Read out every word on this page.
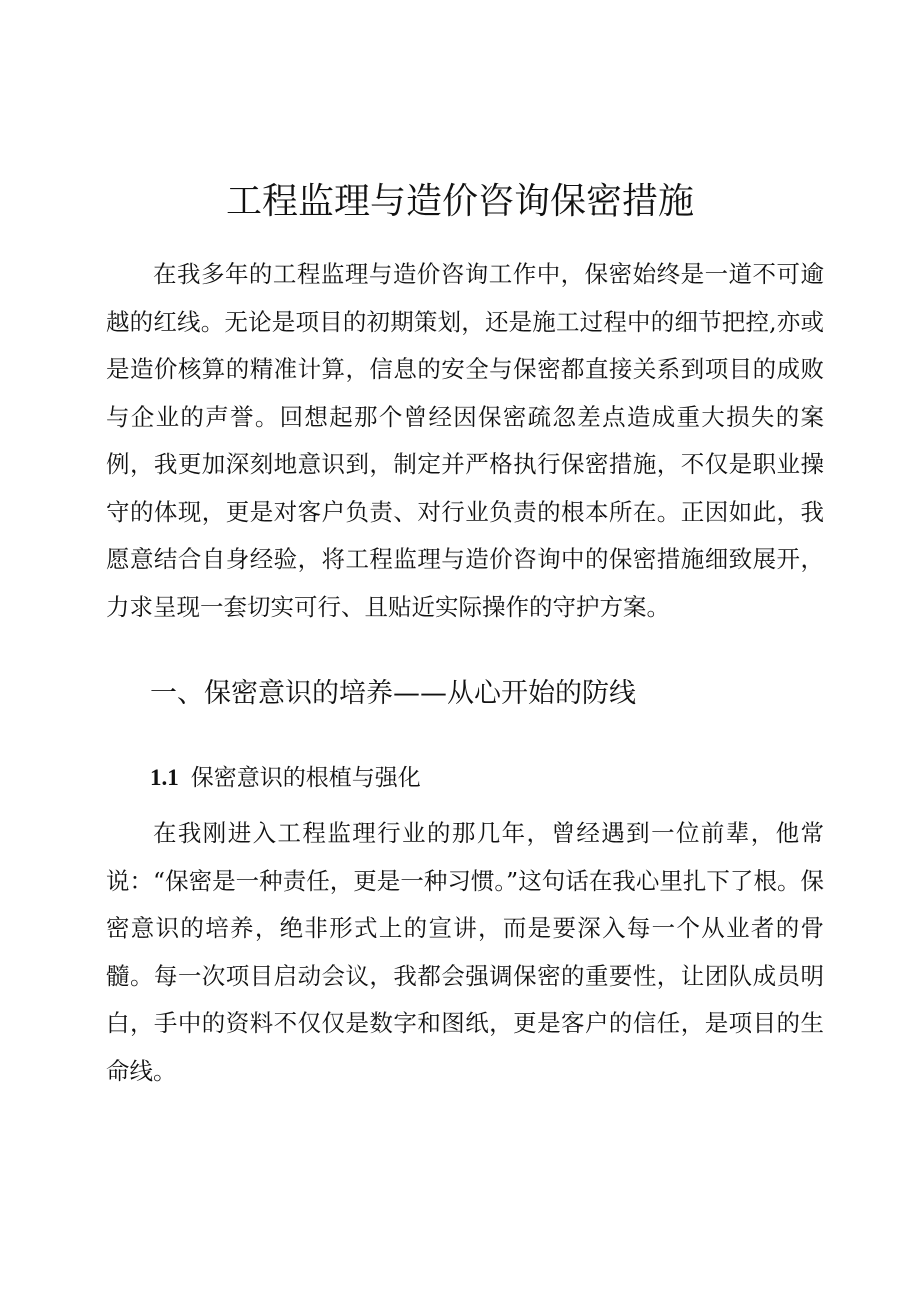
工程监理与造价咨询保密措施

在我多年的工程监理与造价咨询工作中，保密始终是一道不可逾越的红线。无论是项目的初期策划，还是施工过程中的细节把控,亦或是造价核算的精准计算，信息的安全与保密都直接关系到项目的成败与企业的声誉。回想起那个曾经因保密疏忽差点造成重大损失的案例，我更加深刻地意识到，制定并严格执行保密措施，不仅是职业操守的体现，更是对客户负责、对行业负责的根本所在。正因如此，我愿意结合自身经验，将工程监理与造价咨询中的保密措施细致展开，力求呈现一套切实可行、且贴近实际操作的守护方案。

一、保密意识的培养——从心开始的防线
1.1 保密意识的根植与强化

在我刚进入工程监理行业的那几年，曾经遇到一位前辈，他常说：“保密是一种责任，更是一种习惯。”这句话在我心里扎下了根。保密意识的培养，绝非形式上的宣讲，而是要深入每一个从业者的骨髓。每一次项目启动会议，我都会强调保密的重要性，让团队成员明白，手中的资料不仅仅是数字和图纸，更是客户的信任，是项目的生命线。
